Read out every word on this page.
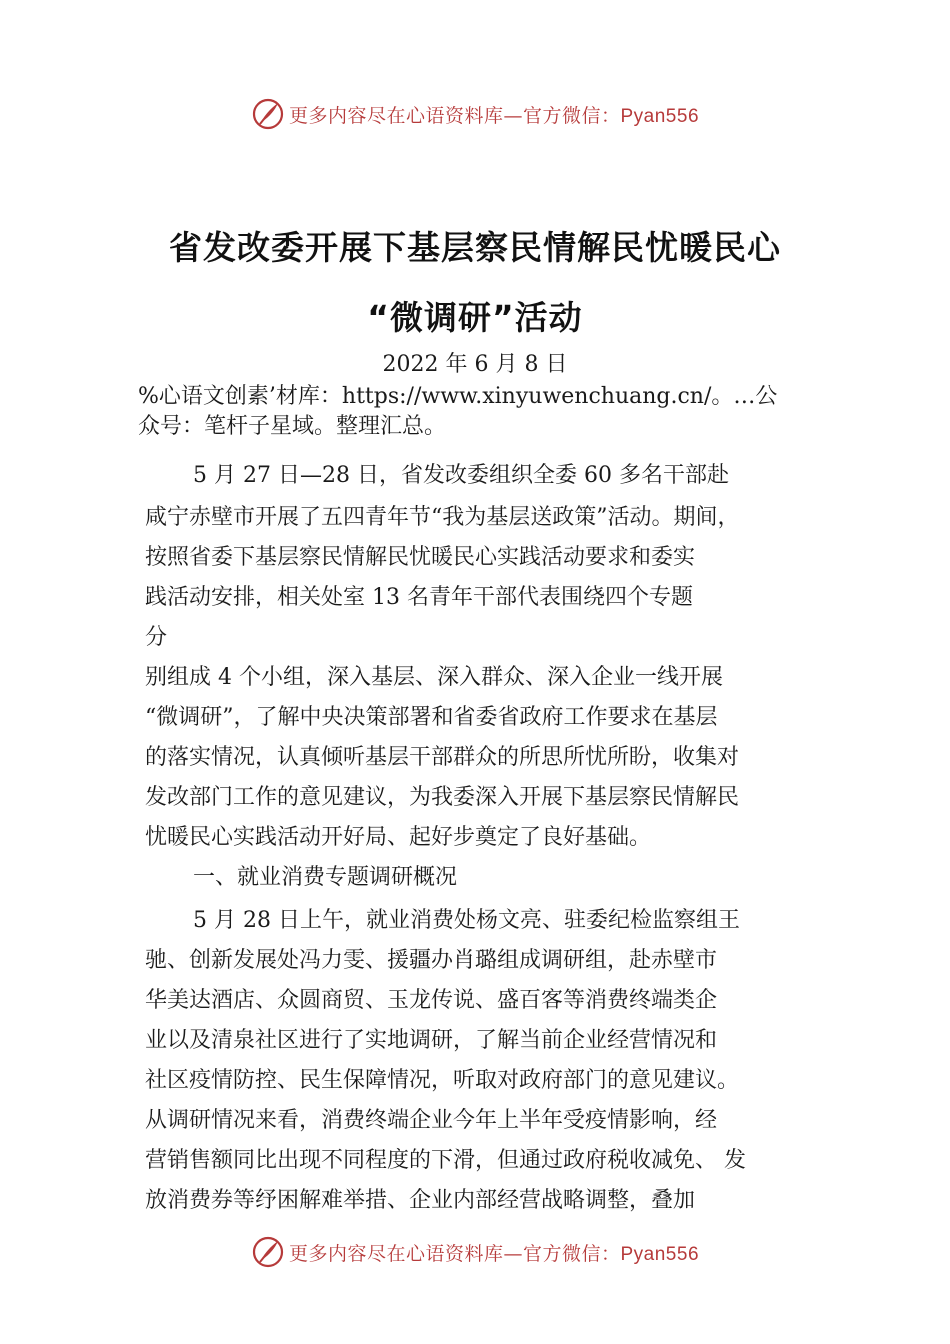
更多内容尽在心语资料库—官方微信：Pyan556
省发改委开展下基层察民情解民忧暖民心
“微调研”活动
2022 年 6 月 8 日
%心语文创素’材库：https://www.xinyuwenchuang.cn/。…公
众号：笔杆子星域。整理汇总。
5 月 27 日—28 日，省发改委组织全委 60 多名干部赴
咸宁赤壁市开展了五四青年节“我为基层送政策”活动。期间，
按照省委下基层察民情解民忧暖民心实践活动要求和委实
践活动安排，相关处室 13 名青年干部代表围绕四个专题
分
别组成 4 个小组，深入基层、深入群众、深入企业一线开展
“微调研”，了解中央决策部署和省委省政府工作要求在基层
的落实情况，认真倾听基层干部群众的所思所忧所盼，收集对
发改部门工作的意见建议，为我委深入开展下基层察民情解民
忧暖民心实践活动开好局、起好步奠定了良好基础。
一、就业消费专题调研概况
5 月 28 日上午，就业消费处杨文亮、驻委纪检监察组王
驰、创新发展处冯力雯、援疆办肖璐组成调研组，赴赤壁市
华美达酒店、众圆商贸、玉龙传说、盛百客等消费终端类企
业以及清泉社区进行了实地调研，了解当前企业经营情况和
社区疫情防控、民生保障情况，听取对政府部门的意见建议。
从调研情况来看，消费终端企业今年上半年受疫情影响，经
营销售额同比出现不同程度的下滑，但通过政府税收减免、 发
放消费券等纾困解难举措、企业内部经营战略调整，叠加
更多内容尽在心语资料库—官方微信：Pyan556
